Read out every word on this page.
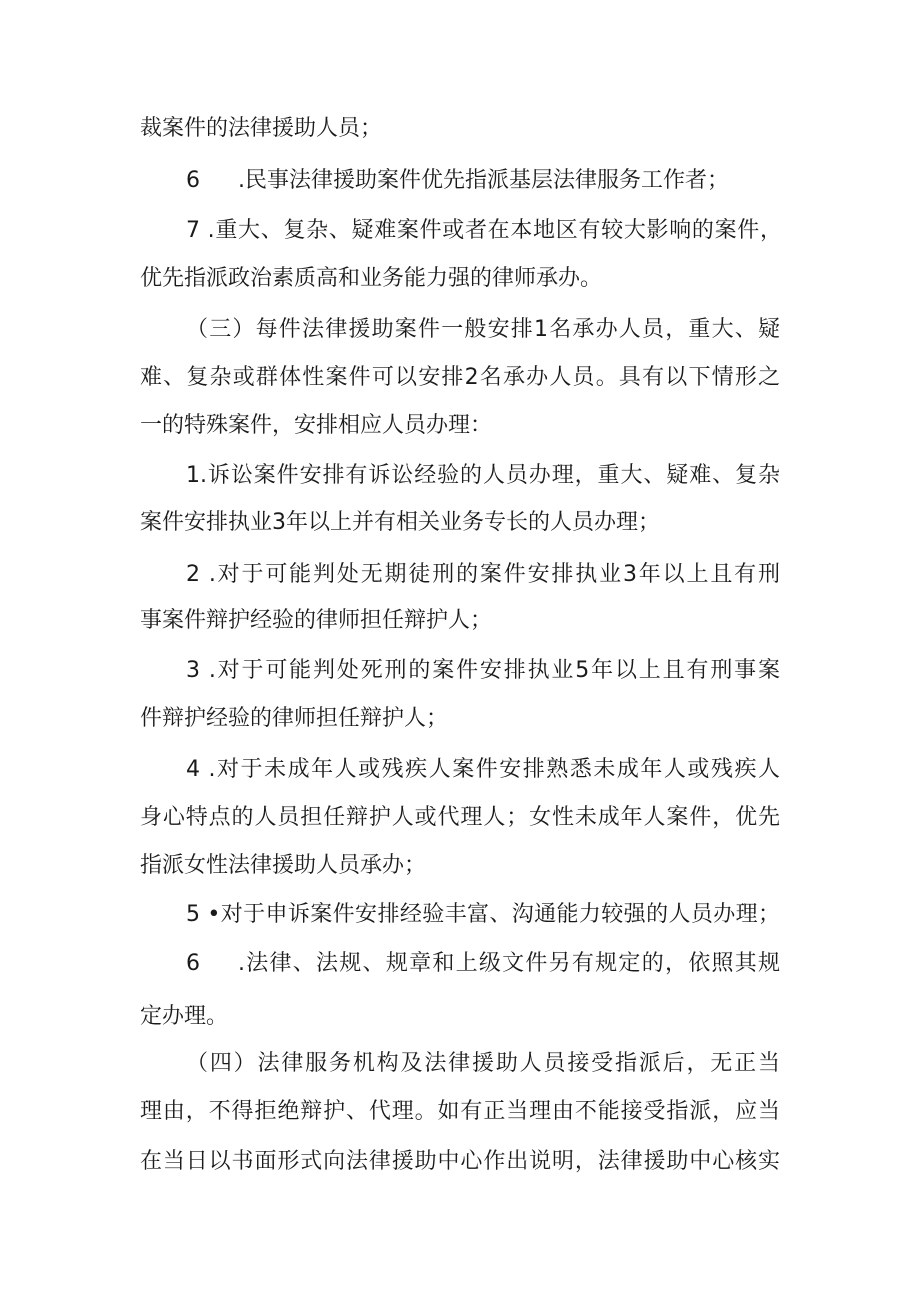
裁案件的法律援助人员；
6 .民事法律援助案件优先指派基层法律服务工作者；
7 .重大、复杂、疑难案件或者在本地区有较大影响的案件，
优先指派政治素质高和业务能力强的律师承办。
（三）每件法律援助案件一般安排1名承办人员，重大、疑
难、复杂或群体性案件可以安排2名承办人员。具有以下情形之
一的特殊案件，安排相应人员办理：
1.诉讼案件安排有诉讼经验的人员办理，重大、疑难、复杂
案件安排执业3年以上并有相关业务专长的人员办理；
2 .对于可能判处无期徒刑的案件安排执业3年以上且有刑
事案件辩护经验的律师担任辩护人；
3 .对于可能判处死刑的案件安排执业5年以上且有刑事案
件辩护经验的律师担任辩护人；
4 .对于未成年人或残疾人案件安排熟悉未成年人或残疾人
身心特点的人员担任辩护人或代理人；女性未成年人案件，优先
指派女性法律援助人员承办；
5 •对于申诉案件安排经验丰富、沟通能力较强的人员办理；
6 .法律、法规、规章和上级文件另有规定的，依照其规
定办理。
（四）法律服务机构及法律援助人员接受指派后，无正当
理由，不得拒绝辩护、代理。如有正当理由不能接受指派，应当
在当日以书面形式向法律援助中心作出说明，法律援助中心核实
